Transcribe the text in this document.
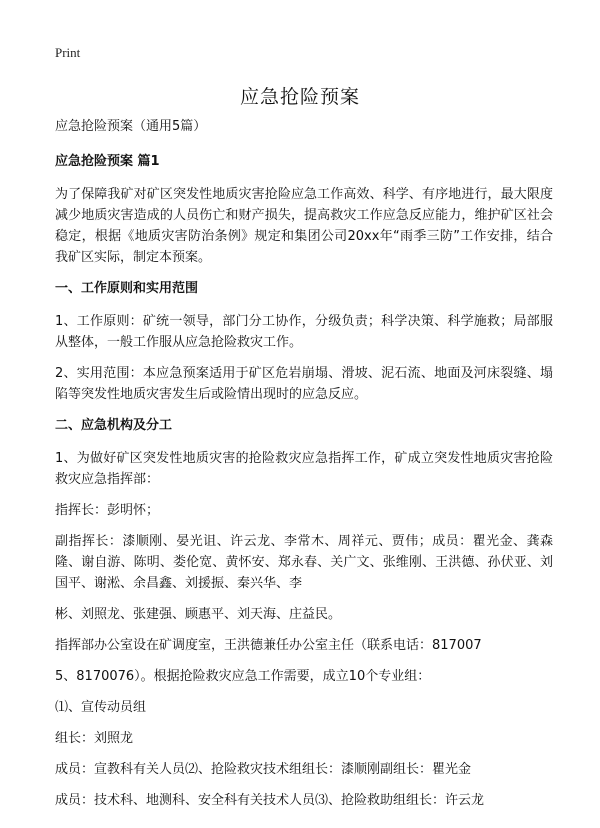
Print
应急抢险预案

应急抢险预案（通用5篇）

应急抢险预案 篇1

为了保障我矿对矿区突发性地质灾害抢险应急工作高效、科学、有序地进行，最大限度减少地质灾害造成的人员伤亡和财产损失，提高救灾工作应急反应能力，维护矿区社会稳定，根据《地质灾害防治条例》规定和集团公司20xx年“雨季三防”工作安排，结合我矿区实际，制定本预案。

一、工作原则和实用范围

1、工作原则：矿统一领导，部门分工协作，分级负责；科学决策、科学施救；局部服从整体，一般工作服从应急抢险救灾工作。

2、实用范围：本应急预案适用于矿区危岩崩塌、滑坡、泥石流、地面及河床裂缝、塌陷等突发性地质灾害发生后或险情出现时的应急反应。

二、应急机构及分工

1、为做好矿区突发性地质灾害的抢险救灾应急指挥工作，矿成立突发性地质灾害抢险救灾应急指挥部：

指挥长：彭明怀；

副指挥长：漆顺刚、晏光诅、许云龙、李常木、周祥元、贾伟；成员：瞿光金、龚森隆、谢自游、陈明、娄伦宽、黄怀安、郑永春、关广文、张维刚、王洪德、孙伏亚、刘国平、谢淞、余昌鑫、刘援振、秦兴华、李

彬、刘照龙、张建强、顾惠平、刘天海、庄益民。

指挥部办公室设在矿调度室，王洪德兼任办公室主任（联系电话：817007

5、8170076）。根据抢险救灾应急工作需要，成立10个专业组：

⑴、宣传动员组

组长：刘照龙

成员：宣教科有关人员⑵、抢险救灾技术组组长：漆顺刚副组长：瞿光金

成员：技术科、地测科、安全科有关技术人员⑶、抢险救助组组长：许云龙
